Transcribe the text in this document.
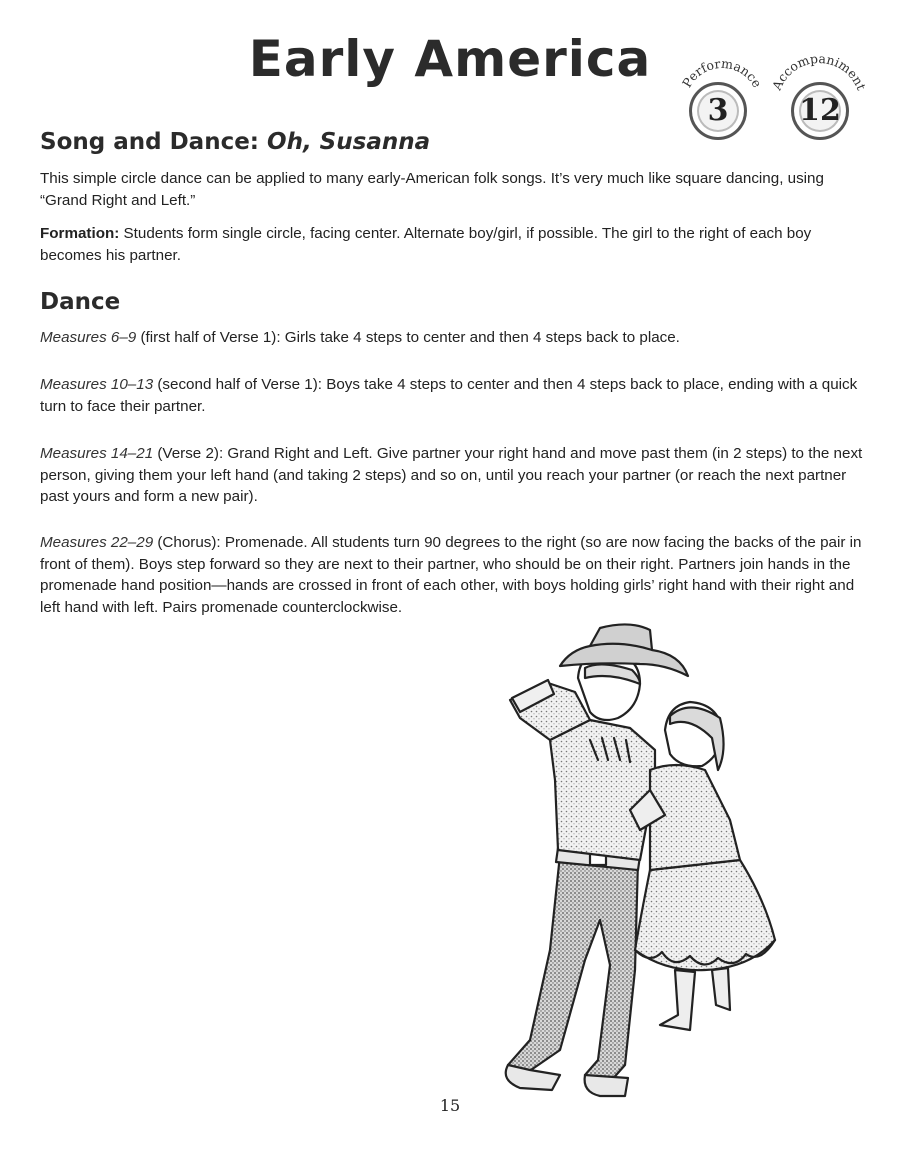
Early America	Performance
3
Accompaniment
12
Song and Dance: Oh, Susanna

This simple circle dance can be applied to many early-American folk songs. It’s very much like square dancing, using “Grand Right and Left.”

Formation: Students form single circle, facing center. Alternate boy/girl, if possible. The girl to the right of each boy becomes his partner.

Dance

Measures 6–9 (first half of Verse 1): Girls take 4 steps to center and then 4 steps back to place.

Measures 10–13 (second half of Verse 1): Boys take 4 steps to center and then 4 steps back to place, ending with a quick turn to face their partner.

Measures 14–21 (Verse 2): Grand Right and Left. Give partner your right hand and move past them (in 2 steps) to the next person, giving them your left hand (and taking 2 steps) and so on, until you reach your partner (or reach the next partner past yours and form a new pair).

Measures 22–29 (Chorus): Promenade. All students turn 90 degrees to the right (so are now facing the backs of the pair in front of them). Boys step forward so they are next to their partner, who should be on their right. Partners join hands in the promenade hand position—hands are crossed in front of each other, with boys holding girls’ right hand with their right and left hand with left. Pairs promenade counterclockwise.

15
